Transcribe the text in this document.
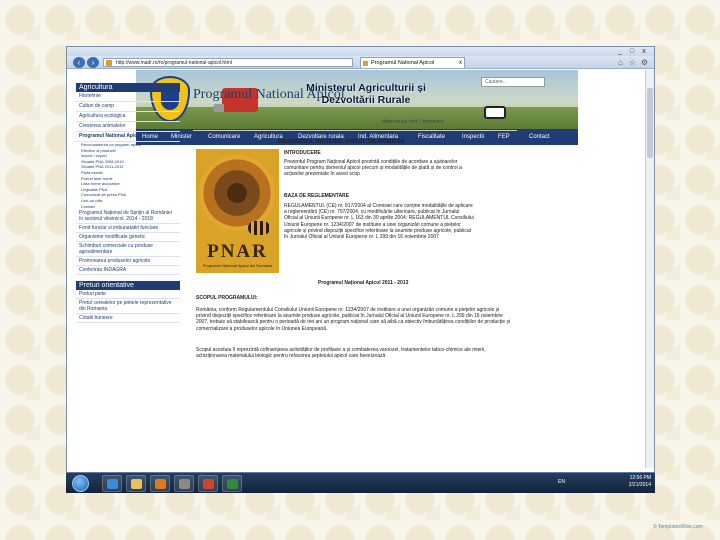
_	□	x
‹	›	http://www.madr.ro/ro/programul-national-apicol.html	Programul National Apicol	x	⌂ ☆ ⚙
Ministerul Agriculturii și Dezvoltării Rurale
Cautare...
Home Minister	Comunicare Agricultura	Dezvoltare rurala Ind. Alimentara	Fiscalitate	Inspectii FEP	Contact
Agricultura
Fitotehnie
Culturi de camp
Agricultura ecologica
Cresterea animalelor
Programul National Apicol
Recunoasterea ca program apicol
Efective si productii
Import / export
Situatie PNA 2008-2010
Situatie PNA 2011-2013
Piata mierlei
Preturi mier medii
Lista forme asociative
Legislatie PNA
Comunicat de presa PNA
Link-uri utile
Contact
Programul Național de Sprijin al României în sectorul vitivinicol, 2014 - 2018
Fond funciar si imbunatatiri funciare
Organisme modificate genetic
Schimburi comerciale cu produse agroalimentare
Promovarea produselor agricole
Conferinta INDAGRA
Preturi orientative
Preturi piete
Pretul cerealelor pe pietele reprezentative din Romania
Cotatii bursiere
Programul National Apicol
dimensiune font | Imprimare
PROGRAMUL NAȚIONAL APICOL DIN ROMÂNIA
PNAR
Programul National Apicol din Romania
INTRODUCERE
Prezentul Program Național Apicol prezintă condițiile de acordare a ajutoarelor comunitare pentru domeniul apicol precum și modalitățile de plată și de control a acțiunilor prezentate în acest scop
BAZA DE REGLEMENTARE
REGULAMENTUL (CE) nr. 917/2004 al Comisiei care conține modalitățile de aplicare a reglementării (CE) nr. 797/2004, cu modificările ulterioare, publicat în Jurnalul Oficial al Uniunii Europene nr. L 163 din 30 aprilie 2004; REGULAMENTUL Consiliului Uniunii Europene nr. 1234/2007 de instituire a unei organizări comune a piețelor agricole și privind dispoziții specifice referitoare la anumite produse agricole, publicat în Jurnalul Oficial al Uniunii Europene nr. L 299 din 16 noiembrie 2007
Programul Național Apicol 2011 - 2013
SCOPUL PROGRAMULUI:
România, conform Regulamentului Consiliului Uniunii Europene nr. 1234/2007 de instituire a unei organizări comune a piețelor agricole și privind dispoziții specifice referitoare la anumite produse agricole, publicat în Jurnalul Oficial al Uniunii Europene nr. L 299 din 16 noiembrie 2007, trebuie să stabilească pentru o perioadă de trei ani un program național care să aibă ca obiectiv îmbunătățirea condițiilor de producție și comercializare a produselor apicole în Uniunea Europeană.
Scopul acestuia îl reprezintă cofinanțarea activităților de profilaxie a și combaterea varoozei, tratamentelor tabco-chimice ale mierii, achiziționarea materialului biologic pentru refacerea șeptelului apicol care favorizează
EN
12:56 PM
2/21/2014
© TemplatesWise.com
